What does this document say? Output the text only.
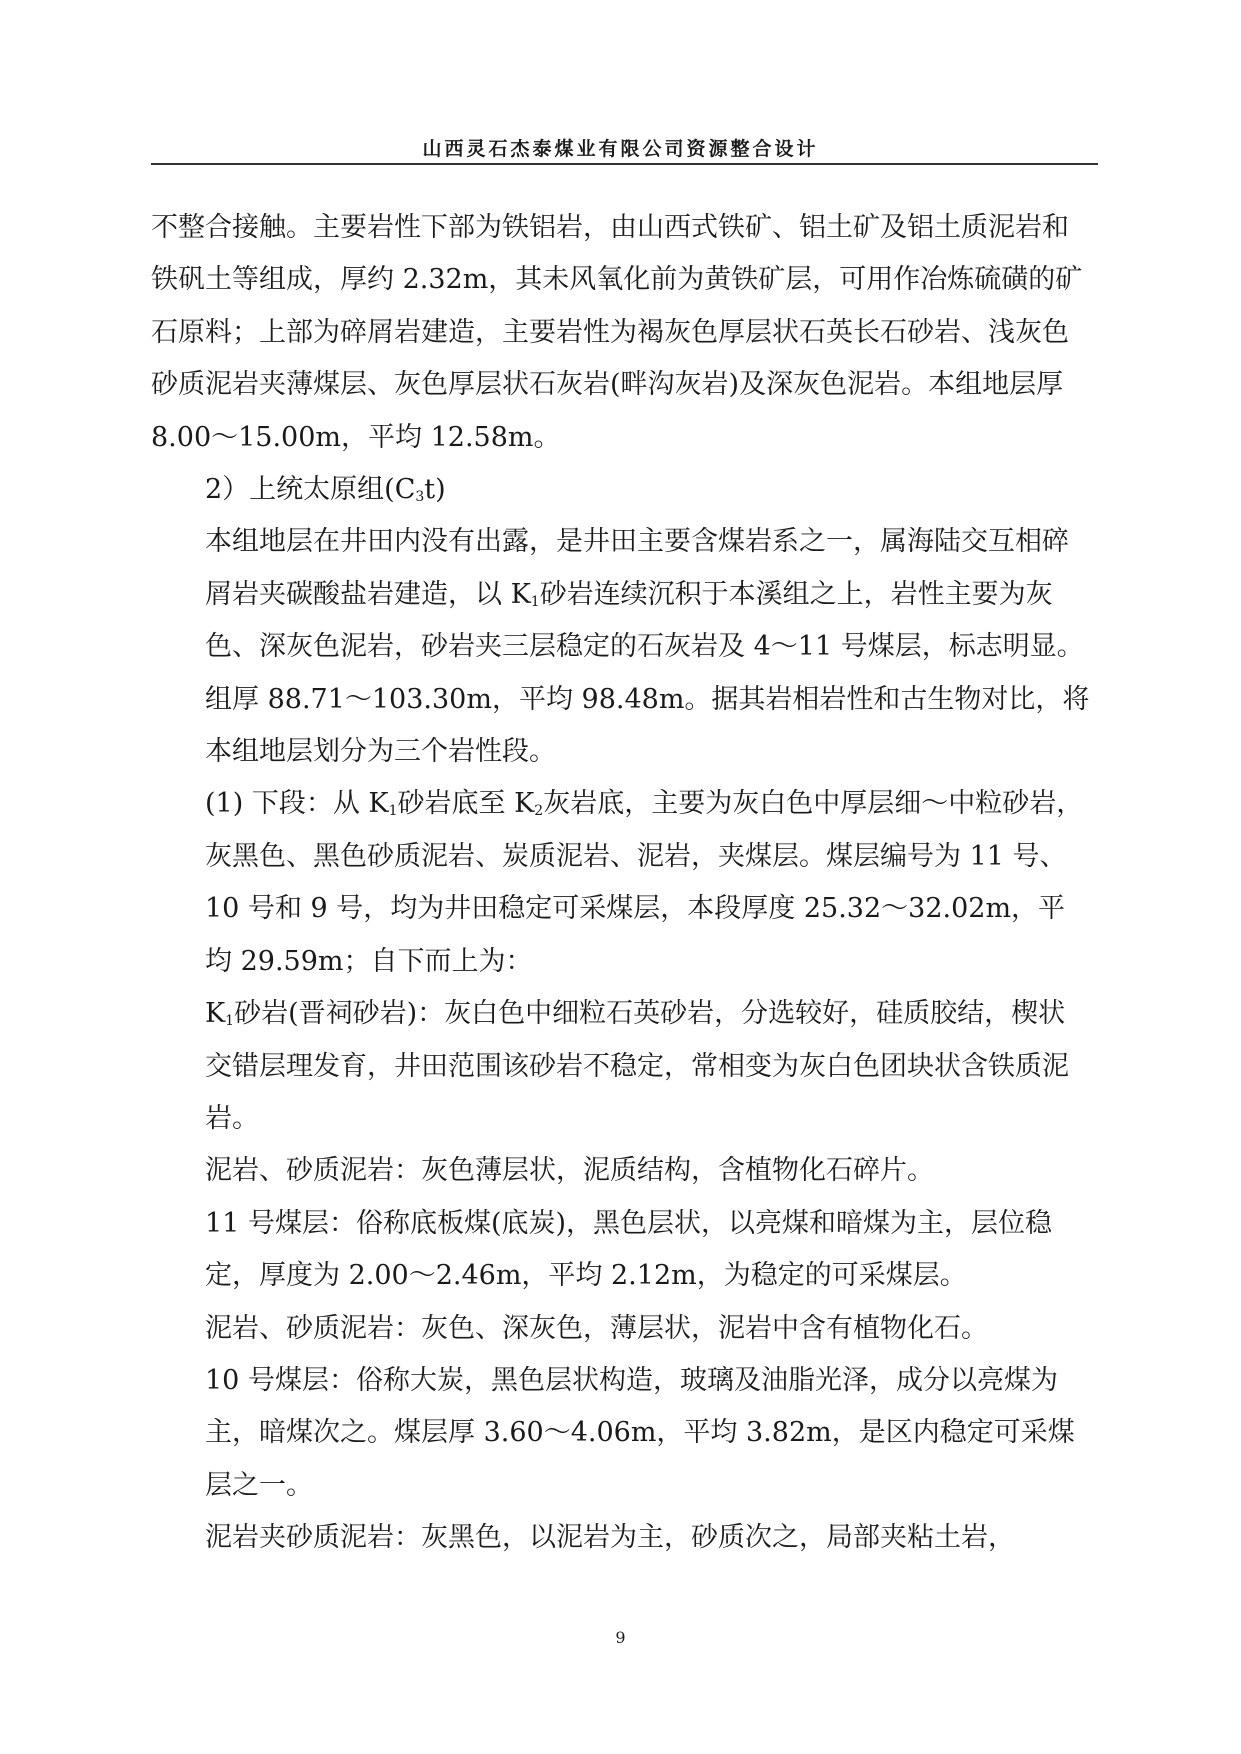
山西灵石杰泰煤业有限公司资源整合设计

不整合接触。主要岩性下部为铁铝岩，由山西式铁矿、铝土矿及铝土质泥岩和铁矾土等组成，厚约 2.32m，其未风氧化前为黄铁矿层，可用作冶炼硫磺的矿石原料；上部为碎屑岩建造，主要岩性为褐灰色厚层状石英长石砂岩、浅灰色砂质泥岩夹薄煤层、灰色厚层状石灰岩(畔沟灰岩)及深灰色泥岩。本组地层厚 8.00～15.00m，平均 12.58m。

2）上统太原组$(C_3t)$

本组地层在井田内没有出露，是井田主要含煤岩系之一，属海陆交互相碎屑岩夹碳酸盐岩建造，以 $K_1$砂岩连续沉积于本溪组之上，岩性主要为灰色、深灰色泥岩，砂岩夹三层稳定的石灰岩及 4～11 号煤层，标志明显。组厚 88.71～103.30m，平均 98.48m。据其岩相岩性和古生物对比，将本组地层划分为三个岩性段。

(1) 下段：从 $K_1$砂岩底至 $K_2$灰岩底，主要为灰白色中厚层细～中粒砂岩，灰黑色、黑色砂质泥岩、炭质泥岩、泥岩，夹煤层。煤层编号为 11 号、10 号和 9 号，均为井田稳定可采煤层，本段厚度 25.32～32.02m，平均 29.59m；自下而上为：

$K_1$砂岩(晋祠砂岩)：灰白色中细粒石英砂岩，分选较好，硅质胶结，楔状交错层理发育，井田范围该砂岩不稳定，常相变为灰白色团块状含铁质泥岩。

泥岩、砂质泥岩：灰色薄层状，泥质结构，含植物化石碎片。

11 号煤层：俗称底板煤(底炭)，黑色层状，以亮煤和暗煤为主，层位稳定，厚度为 2.00～2.46m，平均 2.12m，为稳定的可采煤层。

泥岩、砂质泥岩：灰色、深灰色，薄层状，泥岩中含有植物化石。

10 号煤层：俗称大炭，黑色层状构造，玻璃及油脂光泽，成分以亮煤为主，暗煤次之。煤层厚 3.60～4.06m，平均 3.82m，是区内稳定可采煤层之一。

泥岩夹砂质泥岩：灰黑色，以泥岩为主，砂质次之，局部夹粘土岩，

9
